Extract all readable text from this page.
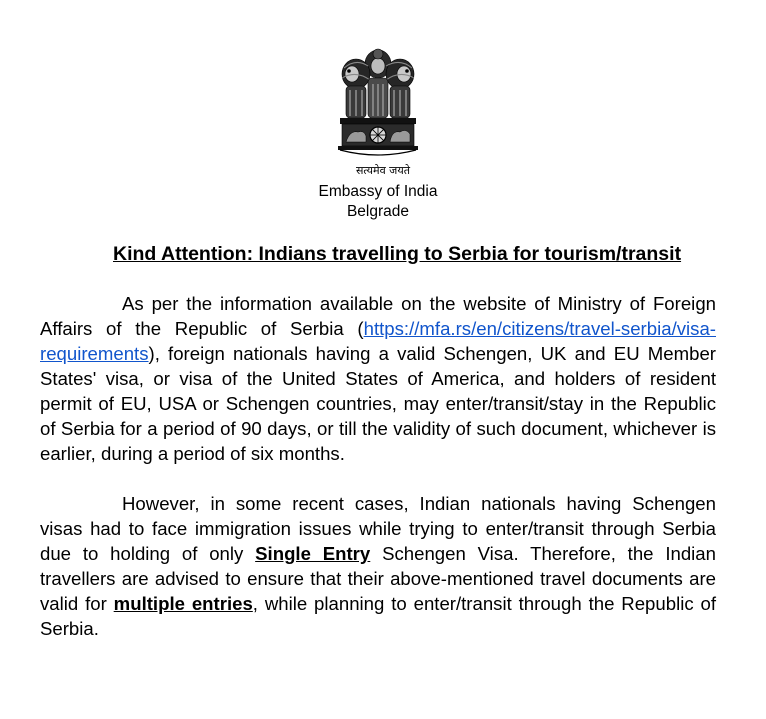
सत्यमेव जयते
Embassy of India
Belgrade
Kind Attention: Indians travelling to Serbia for tourism/transit

As per the information available on the website of Ministry of Foreign Affairs of the Republic of Serbia (https://mfa.rs/en/citizens/travel-serbia/visa-requirements), foreign nationals having a valid Schengen, UK and EU Member States' visa, or visa of the United States of America, and holders of resident permit of EU, USA or Schengen countries, may enter/transit/stay in the Republic of Serbia for a period of 90 days, or till the validity of such document, whichever is earlier, during a period of six months.

However, in some recent cases, Indian nationals having Schengen visas had to face immigration issues while trying to enter/transit through Serbia due to holding of only Single Entry Schengen Visa. Therefore, the Indian travellers are advised to ensure that their above-mentioned travel documents are valid for multiple entries, while planning to enter/transit through the Republic of Serbia.
